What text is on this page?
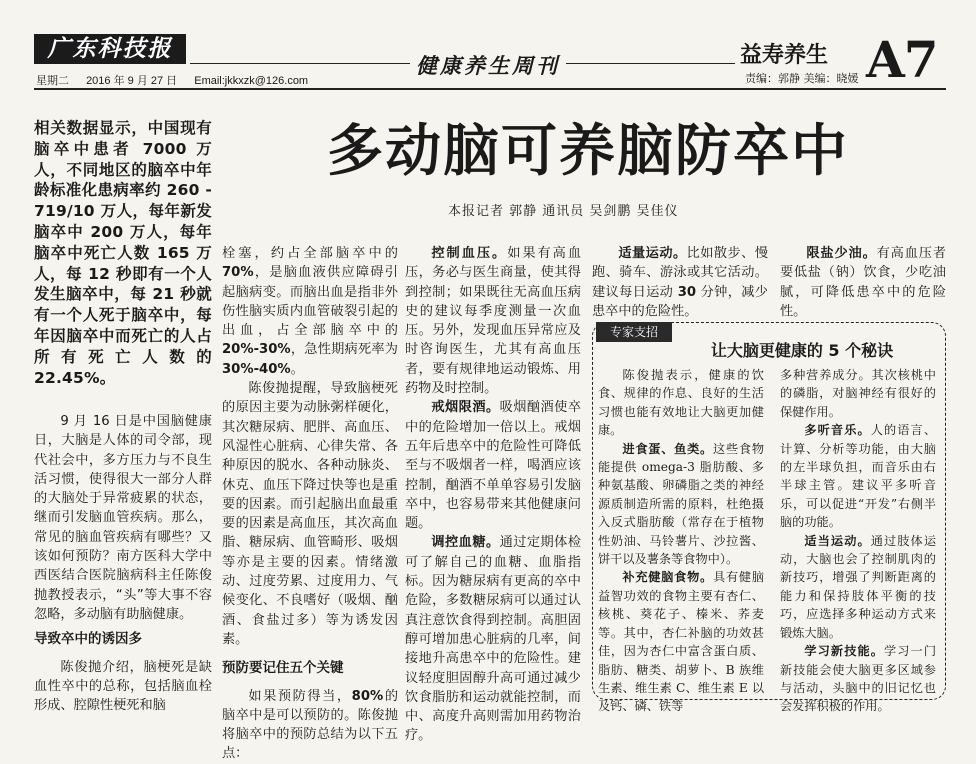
广东科技报
星期二 2016 年 9 月 27 日 Email:jkkxzk@126.com
健康养生周刊	益寿养生 A7
责编：郭静 美编：晓媛
相关数据显示，中国现有脑卒中患者 7000 万人，不同地区的脑卒中年龄标准化患病率约 260 - 719/10 万人，每年新发脑卒中 200 万人，每年脑卒中死亡人数 165 万人，每 12 秒即有一个人发生脑卒中，每 21 秒就有一个人死于脑卒中，每年因脑卒中而死亡的人占所有死亡人数的 22.45%。
多动脑可养脑防卒中
本报记者 郭静 通讯员 吴剑鹏 吴佳仪

9 月 16 日是中国脑健康日，大脑是人体的司令部，现代社会中，多方压力与不良生活习惯，使得很大一部分人群的大脑处于异常疲累的状态，继而引发脑血管疾病。那么，常见的脑血管疾病有哪些？又该如何预防？南方医科大学中西医结合医院脑病科主任陈俊抛教授表示，“头”等大事不容忽略，多动脑有助脑健康。

导致卒中的诱因多

陈俊抛介绍，脑梗死是缺血性卒中的总称，包括脑血栓形成、腔隙性梗死和脑

栓塞，约占全部脑卒中的 70%，是脑血液供应障碍引起脑病变。而脑出血是指非外伤性脑实质内血管破裂引起的出血，占全部脑卒中的 20%-30%，急性期病死率为 30%-40%。

陈俊抛提醒，导致脑梗死的原因主要为动脉粥样硬化，其次糖尿病、肥胖、高血压、风湿性心脏病、心律失常、各种原因的脱水、各种动脉炎、休克、血压下降过快等也是重要的因素。而引起脑出血最重要的因素是高血压，其次高血脂、糖尿病、血管畸形、吸烟等亦是主要的因素。情绪激动、过度劳累、过度用力、气候变化、不良嗜好（吸烟、酗酒、食盐过多）等为诱发因素。

预防要记住五个关键

如果预防得当，80%的脑卒中是可以预防的。陈俊抛将脑卒中的预防总结为以下五点：

控制血压。如果有高血压，务必与医生商量，使其得到控制；如果既往无高血压病史的建议每季度测量一次血压。另外，发现血压异常应及时咨询医生，尤其有高血压者，要有规律地运动锻炼、用药物及时控制。

戒烟限酒。吸烟酗酒使卒中的危险增加一倍以上。戒烟五年后患卒中的危险性可降低至与不吸烟者一样，喝酒应该控制，酗酒不单单容易引发脑卒中，也容易带来其他健康问题。

调控血糖。通过定期体检可了解自己的血糖、血脂指标。因为糖尿病有更高的卒中危险，多数糖尿病可以通过认真注意饮食得到控制。高胆固醇可增加患心脏病的几率，间接地升高患卒中的危险性。建议轻度胆固醇升高可通过减少饮食脂肪和运动就能控制，而中、高度升高则需加用药物治疗。

适量运动。比如散步、慢跑、骑车、游泳或其它活动。建议每日运动 30 分钟，减少患卒中的危险性。

限盐少油。有高血压者要低盐（钠）饮食，少吃油腻，可降低患卒中的危险性。

专家支招
让大脑更健康的 5 个秘诀

陈俊抛表示，健康的饮食、规律的作息、良好的生活习惯也能有效地让大脑更加健康。

进食蛋、鱼类。这些食物能提供 omega-3 脂肪酸、多种氨基酸、卵磷脂之类的神经源质制造所需的原料，杜绝摄入反式脂肪酸（常存在于植物性奶油、马铃薯片、沙拉酱、饼干以及薯条等食物中）。

补充健脑食物。具有健脑益智功效的食物主要有杏仁、核桃、葵花子、榛米、荞麦等。其中，杏仁补脑的功效甚佳，因为杏仁中富含蛋白质、脂肪、糖类、胡萝卜、B 族维生素、维生素 C、维生素 E 以及钙、磷、铁等

多种营养成分。其次核桃中的磷脂，对脑神经有很好的保健作用。

多听音乐。人的语言、计算、分析等功能，由大脑的左半球负担，而音乐由右半球主管。建议平多听音乐，可以促进“开发”右侧半脑的功能。

适当运动。通过肢体运动，大脑也会了控制肌肉的新技巧，增强了判断距离的能力和保持肢体平衡的技巧，应选择多种运动方式来锻炼大脑。

学习新技能。学习一门新技能会使大脑更多区域参与活动，头脑中的旧记忆也会发挥积极的作用。
